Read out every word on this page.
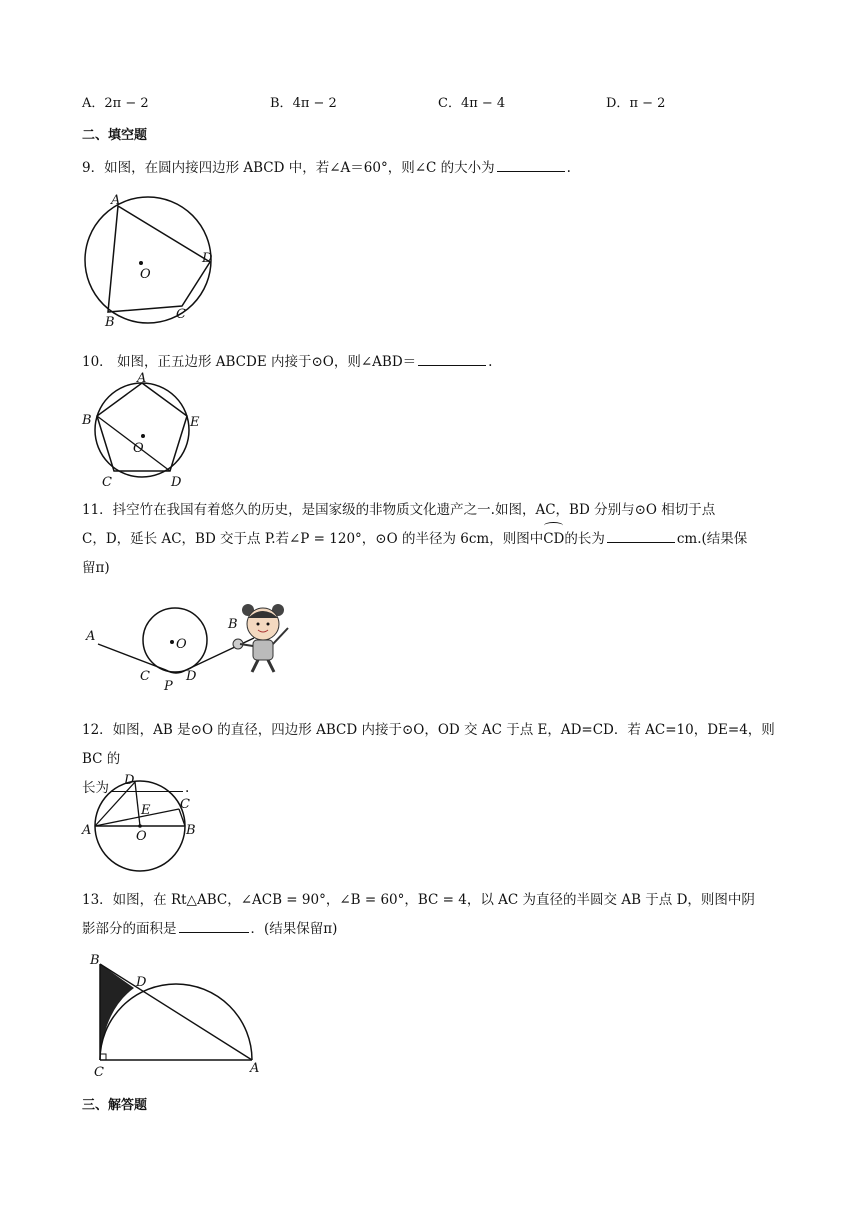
A．2π − 2	B．4π − 2	C．4π − 4	D．π − 2
二、填空题
9．如图，在圆内接四边形 ABCD 中，若∠A＝60°，则∠C 的大小为	.
A
B
C
D
O
10． 如图，正五边形 ABCDE 内接于⊙O，则∠ABD＝	.
A
B
C	D
E
O
11．抖空竹在我国有着悠久的历史，是国家级的非物质文化遗产之一.如图，AC，BD 分别与⊙O 相切于点
C，D，延长 AC，BD 交于点 P.若∠P = 120°，⊙O 的半径为 6cm，则图中CD的长为	cm.(结果保
留π)
A
B
C	D
P
O
12．如图，AB 是⊙O 的直径，四边形 ABCD 内接于⊙O，OD 交 AC 于点 E，AD=CD．若 AC=10，DE=4，则 BC 的
长为	.
A	B
C
D
E
O
13．如图，在 Rt△ABC，∠ACB = 90°，∠B = 60°，BC = 4，以 AC 为直径的半圆交 AB 于点 D，则图中阴
影部分的面积是	．(结果保留π)
B
C
D
A
三、解答题
